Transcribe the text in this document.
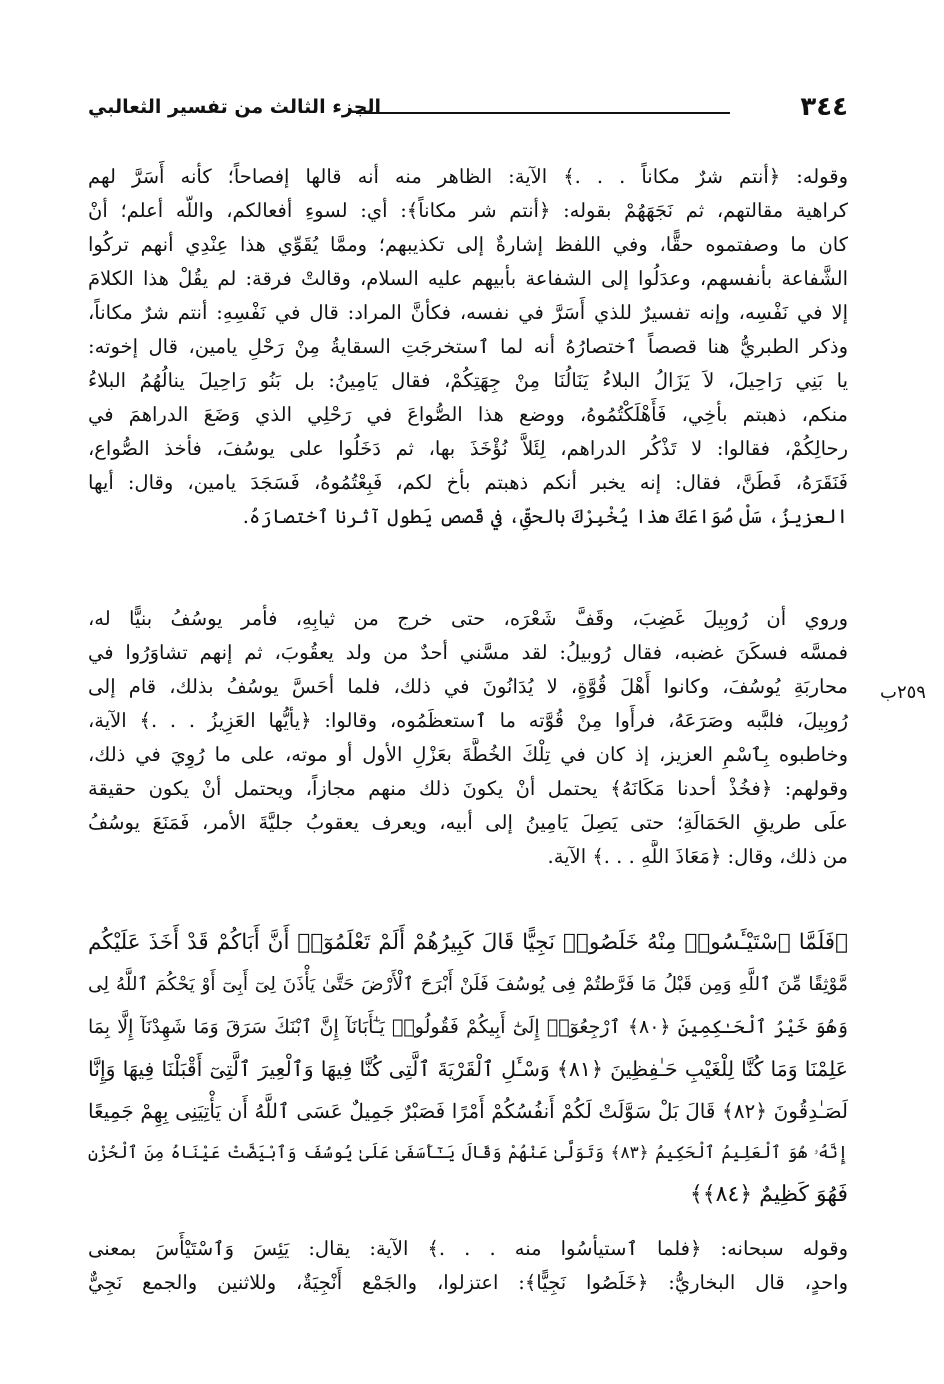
٣٤٤
الجزء الثالث من تفسير الثعالبي
وقوله: ﴿أنتم شرٌ مكاناً . . .﴾ الآية: الظاهر منه أنه قالها إفصاحاً؛ كأنه أَسَرَّ لهم
كراهية مقالتهم، ثم نَجَهَهُمْ بقوله: ﴿أنتم شر مكاناً﴾: أي: لسوءِ أفعالكم، واللّه أعلم؛ أنْ
كان ما وصفتموه حقًّا، وفي اللفظ إشارةٌ إلى تكذيبهم؛ وممَّا يُقَوِّي هذا عِنْدِي أنهم تركُوا
الشَّفاعة بأنفسهم، وعدَلُوا إلى الشفاعة بأبيهم عليه السلام، وقالتْ فرقة: لم يقُلْ هذا الكلامَ
إلا في نَفْسِه، وإنه تفسيرٌ للذي أَسَرَّ في نفسه، فكأنَّ المراد: قال في نَفْسِهِ: أنتم شرٌ مكاناً،
وذكر الطبريُّ هنا قصصاً ٱختصارُهُ أنه لما ٱستخرجَتِ السقايةُ مِنْ رَحْلِ يامين، قال إخوته:
يا بَنِي رَاحِيلَ، لاَ يَزَالُ البلاءُ يَنَالُنَا مِنْ جِهَتِكُمْ، فقال يَامِينُ: بل بَنُو رَاحِيلَ ينالُهُمُ البلاءُ
منكم، ذهبتم بأخِي، فَأَهْلَكْتُمُوهُ، ووضع هذا الصُّواعَ في رَحْلِي الذي وَضَعَ الدراهمَ في
رحالِكُمْ، فقالوا: لا تَذْكُر الدراهم، لِئَلاَّ نُؤْخَذَ بها، ثم دَخَلُوا على يوسُفَ، فأخذ الصُّواع،
فَنَقَرَهُ، فَطَنَّ، فقال: إنه يخبر أنكم ذهبتم بأخ لكم، فَبِعْتُمُوهُ، فَسَجَدَ يامين، وقال: أيها
العزيزُ، سَلْ صُوَاعَكَ هذا يُخْبِرْكَ بالحقِّ، في قَصص يَطول آثرنا ٱختصارَهُ.
وروي أن رُوبِيلَ غَضِبَ، وقَفَّ شَعْرَه، حتى خرج من ثيابِهِ، فأمر يوسُفُ بنيًّا له،
فمسَّه فسكَنَ غضبه، فقال رُوبيلُ: لقد مسَّني أحدٌ من ولد يعقُوبَ، ثم إنهم تشاوَرُوا في
محاربَةِ يُوسُفَ، وكانوا أَهْلَ قُوَّةٍ، لا يُدَانُونَ في ذلك، فلما أحَسَّ يوسُفُ بذلك، قام إلى
رُوبِيلَ، فلبَّبه وصَرَعَهُ، فرأَوا مِنْ قُوَّته ما ٱستعظَمُوه، وقالوا: ﴿يأيُّها العَزِيزُ . . .﴾ الآية،
وخاطبوه بِٱسْمِ العزيز، إذ كان في تِلْكَ الخُطَّةَ بعَزْلِ الأول أو موته، على ما رُوِيَ في ذلك،
وقولهم: ﴿فخُذْ أحدنا مَكَانَهُ﴾ يحتمل أنْ يكونَ ذلك منهم مجازاً، ويحتمل أنْ يكون حقيقة
علَى طريقِ الحَمَالَةِ؛ حتى يَصِلَ يَامِينُ إلى أبيه، ويعرف يعقوبُ جليَّةَ الأمر، فَمَنَعَ يوسُفُ
من ذلك، وقال: ﴿مَعَاذَ اللَّهِ . . .﴾ الآية.
٢٥٩ب
﴿فَلَمَّا ٱسْتَيْـَٔسُوا۟ مِنْهُ خَلَصُوا۟ نَجِيًّا قَالَ كَبِيرُهُمْ أَلَمْ تَعْلَمُوٓا۟ أَنَّ أَبَاكُمْ قَدْ أَخَذَ عَلَيْكُم
مَّوْثِقًا مِّنَ ٱللَّهِ وَمِن قَبْلُ مَا فَرَّطتُمْ فِى يُوسُفَ فَلَنْ أَبْرَحَ ٱلْأَرْضَ حَتَّىٰ يَأْذَنَ لِىٓ أَبِىٓ أَوْ يَحْكُمَ ٱللَّهُ لِى
وَهُوَ خَيْرُ ٱلْحَـٰكِمِينَ ﴿٨٠﴾ ٱرْجِعُوٓا۟ إِلَىٰٓ أَبِيكُمْ فَقُولُوا۟ يَـٰٓأَبَانَآ إِنَّ ٱبْنَكَ سَرَقَ وَمَا شَهِدْنَآ إِلَّا بِمَا
عَلِمْنَا وَمَا كُنَّا لِلْغَيْبِ حَـٰفِظِينَ ﴿٨١﴾ وَسْـَٔلِ ٱلْقَرْيَةَ ٱلَّتِى كُنَّا فِيهَا وَٱلْعِيرَ ٱلَّتِىٓ أَقْبَلْنَا فِيهَا وَإِنَّا
لَصَـٰدِقُونَ ﴿٨٢﴾ قَالَ بَلْ سَوَّلَتْ لَكُمْ أَنفُسُكُمْ أَمْرًا فَصَبْرٌ جَمِيلٌ عَسَى ٱللَّهُ أَن يَأْتِيَنِى بِهِمْ جَمِيعًا
إِنَّهُۥ هُوَ ٱلْعَلِيمُ ٱلْحَكِيمُ ﴿٨٣﴾ وَتَوَلَّىٰ عَنْهُمْ وَقَالَ يَـٰٓأَسَفَىٰ عَلَىٰ يُوسُفَ وَٱبْيَضَّتْ عَيْنَاهُ مِنَ ٱلْحُزْنِ
فَهُوَ كَظِيمٌ ﴿٨٤﴾﴾
وقوله سبحانه: ﴿فلما ٱستيأسُوا منه . . .﴾ الآية: يقال: يَئِسَ وَٱسْتَيْأَسَ بمعنى
واحدٍ، قال البخاريُّ: ﴿خَلَصُوا نَجِيًّا﴾: اعتزلوا، والجَمْع أَنْجِيَةٌ، وللاثنين والجمع نَجِيٌّ
